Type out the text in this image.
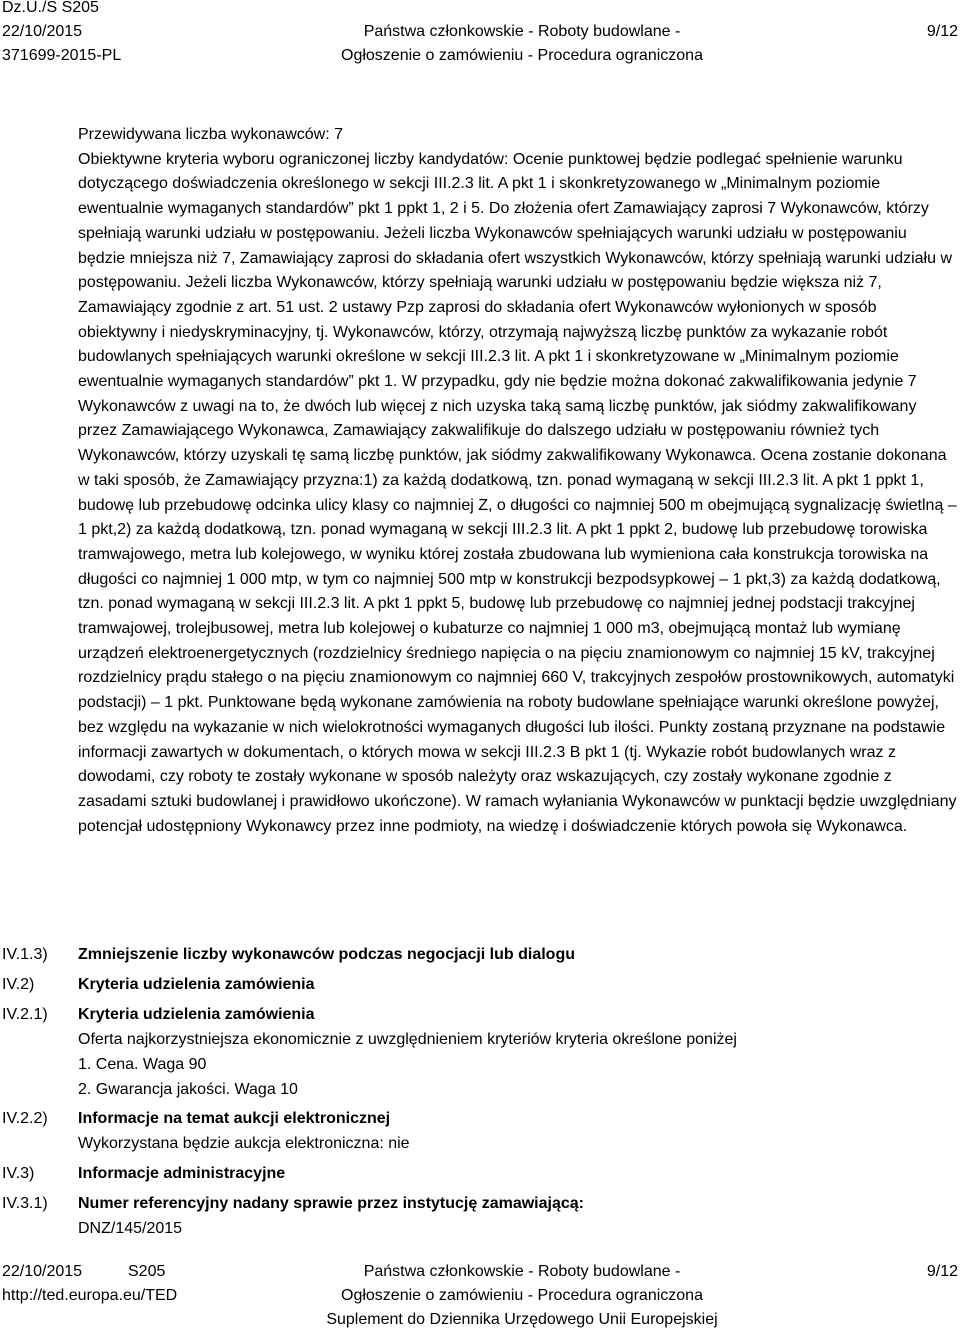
Dz.U./S S205
22/10/2015
371699-2015-PL
Państwa członkowskie - Roboty budowlane -
Ogłoszenie o zamówieniu - Procedura ograniczona
9/12

Przewidywana liczba wykonawców: 7

Obiektywne kryteria wyboru ograniczonej liczby kandydatów: Ocenie punktowej będzie podlegać spełnienie warunku dotyczącego doświadczenia określonego w sekcji III.2.3 lit. A pkt 1 i skonkretyzowanego w „Minimalnym poziomie ewentualnie wymaganych standardów” pkt 1 ppkt 1, 2 i 5. Do złożenia ofert Zamawiający zaprosi 7 Wykonawców, którzy spełniają warunki udziału w postępowaniu. Jeżeli liczba Wykonawców spełniających warunki udziału w postępowaniu będzie mniejsza niż 7, Zamawiający zaprosi do składania ofert wszystkich Wykonawców, którzy spełniają warunki udziału w postępowaniu. Jeżeli liczba Wykonawców, którzy spełniają warunki udziału w postępowaniu będzie większa niż 7, Zamawiający zgodnie z art. 51 ust. 2 ustawy Pzp zaprosi do składania ofert Wykonawców wyłonionych w sposób obiektywny i niedyskryminacyjny, tj. Wykonawców, którzy, otrzymają najwyższą liczbę punktów za wykazanie robót budowlanych spełniających warunki określone w sekcji III.2.3 lit. A pkt 1 i skonkretyzowane w „Minimalnym poziomie ewentualnie wymaganych standardów” pkt 1. W przypadku, gdy nie będzie można dokonać zakwalifikowania jedynie 7 Wykonawców z uwagi na to, że dwóch lub więcej z nich uzyska taką samą liczbę punktów, jak siódmy zakwalifikowany przez Zamawiającego Wykonawca, Zamawiający zakwalifikuje do dalszego udziału w postępowaniu również tych Wykonawców, którzy uzyskali tę samą liczbę punktów, jak siódmy zakwalifikowany Wykonawca. Ocena zostanie dokonana w taki sposób, że Zamawiający przyzna:1) za każdą dodatkową, tzn. ponad wymaganą w sekcji III.2.3 lit. A pkt 1 ppkt 1, budowę lub przebudowę odcinka ulicy klasy co najmniej Z, o długości co najmniej 500 m obejmującą sygnalizację świetlną – 1 pkt,2) za każdą dodatkową, tzn. ponad wymaganą w sekcji III.2.3 lit. A pkt 1 ppkt 2, budowę lub przebudowę torowiska tramwajowego, metra lub kolejowego, w wyniku której została zbudowana lub wymieniona cała konstrukcja torowiska na długości co najmniej 1 000 mtp, w tym co najmniej 500 mtp w konstrukcji bezpodsypkowej – 1 pkt,3) za każdą dodatkową, tzn. ponad wymaganą w sekcji III.2.3 lit. A pkt 1 ppkt 5, budowę lub przebudowę co najmniej jednej podstacji trakcyjnej tramwajowej, trolejbusowej, metra lub kolejowej o kubaturze co najmniej 1 000 m3, obejmującą montaż lub wymianę urządzeń elektroenergetycznych (rozdzielnicy średniego napięcia o na pięciu znamionowym co najmniej 15 kV, trakcyjnej rozdzielnicy prądu stałego o na pięciu znamionowym co najmniej 660 V, trakcyjnych zespołów prostownikowych, automatyki podstacji) – 1 pkt. Punktowane będą wykonane zamówienia na roboty budowlane spełniające warunki określone powyżej, bez względu na wykazanie w nich wielokrotności wymaganych długości lub ilości. Punkty zostaną przyznane na podstawie informacji zawartych w dokumentach, o których mowa w sekcji III.2.3 B pkt 1 (tj. Wykazie robót budowlanych wraz z dowodami, czy roboty te zostały wykonane w sposób należyty oraz wskazujących, czy zostały wykonane zgodnie z zasadami sztuki budowlanej i prawidłowo ukończone). W ramach wyłaniania Wykonawców w punktacji będzie uwzględniany potencjał udostępniony Wykonawcy przez inne podmioty, na wiedzę i doświadczenie których powoła się Wykonawca.

IV.1.3)
IV.2)
IV.2.1)
IV.2.2)
IV.3)
IV.3.1)
Zmniejszenie liczby wykonawców podczas negocjacji lub dialogu
Kryteria udzielenia zamówienia
Kryteria udzielenia zamówienia
Oferta najkorzystniejsza ekonomicznie z uwzględnieniem kryteriów kryteria określone poniżej
1. Cena. Waga 90
2. Gwarancja jakości. Waga 10
Informacje na temat aukcji elektronicznej
Wykorzystana będzie aukcja elektroniczna: nie
Informacje administracyjne
Numer referencyjny nadany sprawie przez instytucję zamawiającą:
DNZ/145/2015
22/10/2015	S205
http://ted.europa.eu/TED
Państwa członkowskie - Roboty budowlane -
Ogłoszenie o zamówieniu - Procedura ograniczona
Suplement do Dziennika Urzędowego Unii Europejskiej
9/12
